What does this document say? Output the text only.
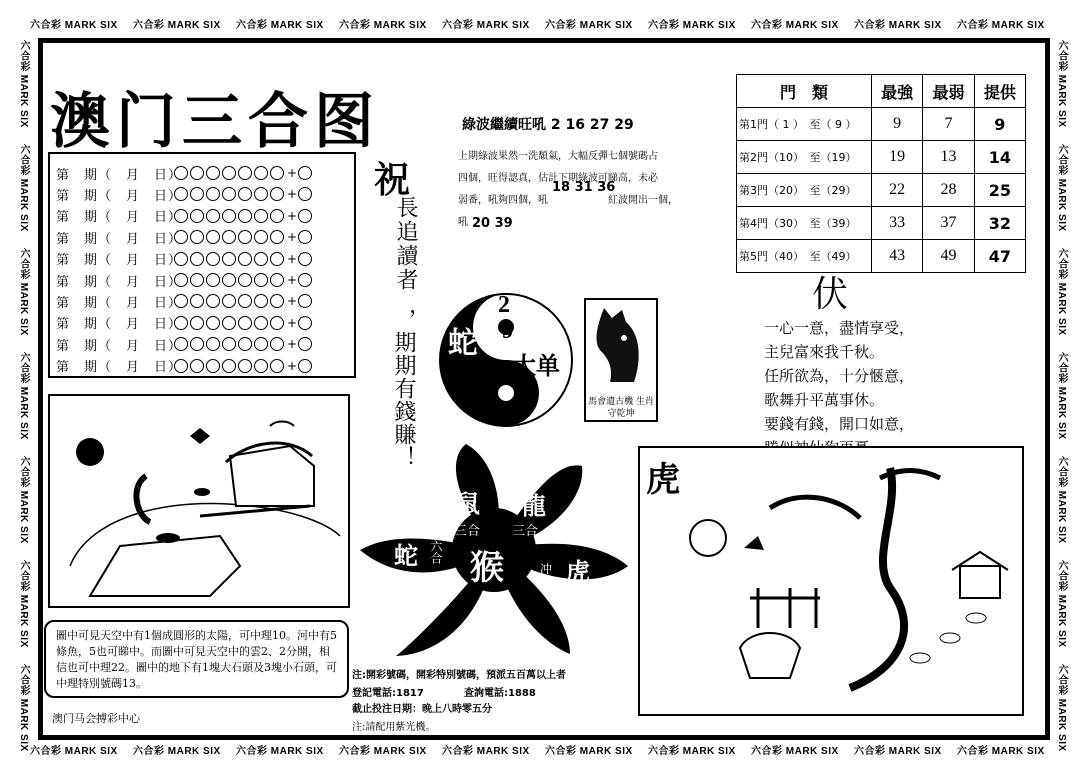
六合彩 MARK SIX 六合彩 MARK SIX 六合彩 MARK SIX 六合彩 MARK SIX 六合彩 MARK SIX 六合彩 MARK SIX 六合彩 MARK SIX 六合彩 MARK SIX 六合彩 MARK SIX 六合彩 MARK SIX
六合彩 MARK SIX 六合彩 MARK SIX 六合彩 MARK SIX 六合彩 MARK SIX 六合彩 MARK SIX 六合彩 MARK SIX 六合彩 MARK SIX 六合彩 MARK SIX 六合彩 MARK SIX 六合彩 MARK SIX
六合彩 MARK SIX
六合彩 MARK SIX
六合彩 MARK SIX
六合彩 MARK SIX
六合彩 MARK SIX
六合彩 MARK SIX
六合彩 MARK SIX
六合彩 MARK SIX
六合彩 MARK SIX
六合彩 MARK SIX
六合彩 MARK SIX
六合彩 MARK SIX
六合彩 MARK SIX
六合彩 MARK SIX
澳门三合图
第　期（　月　日）	+
第　期（　月　日）	+
第　期（　月　日）	+
第　期（　月　日）	+
第　期（　月　日）	+
第　期（　月　日）	+
第　期（　月　日）	+
第　期（　月　日）	+
第　期（　月　日）	+
第　期（　月　日）	+
祝
長追讀者
，期期有錢賺！
綠波繼續旺吼 2 16 27 29
上期綠波果然一洗頹氣，大幅反彈七個號碼占
四個，旺得認真，估計下期綠波可睇高，未必
弱番，吼夠四個，吼　　　　　　紅波開出一個，
吼 20 39
18 31 36
2
9
蛇
大单
馬會遺古機 生肖守乾坤
門　類	最強	最弱	提供
第1門（ 1 ）　至（ 9 ）	9	7	9
第2門（10）　至（19）	19	13	14
第3門（20）　至（29）	22	28	25
第4門（30）　至（39）	33	37	32
第5門（40）　至（49）	43	49	47
伏
一心一意，盡情享受，
主兒富來我千秋。
任所欲為，十分愜意，
歌舞升平萬事休。
要錢有錢，開口如意，
圖中可見天空中有1個成圓形的太陽，可中理10。河中有5條魚，5也可睇中。而圖中可見天空中的雲2、2分開，相信也可中理22。圖中的地下有1塊大石頭及3塊小石頭，可中理特別號碼13。
澳门马会搏彩中心
鼠 龍
三合 三合
蛇 六合 猴	冲 虎
虎
注:開彩號碼，開彩特別號碼，預派五百萬以上者
登記電話:1817	查詢電話:1888
截止投注日期：晚上八時零五分
注:請配用紫光機。
